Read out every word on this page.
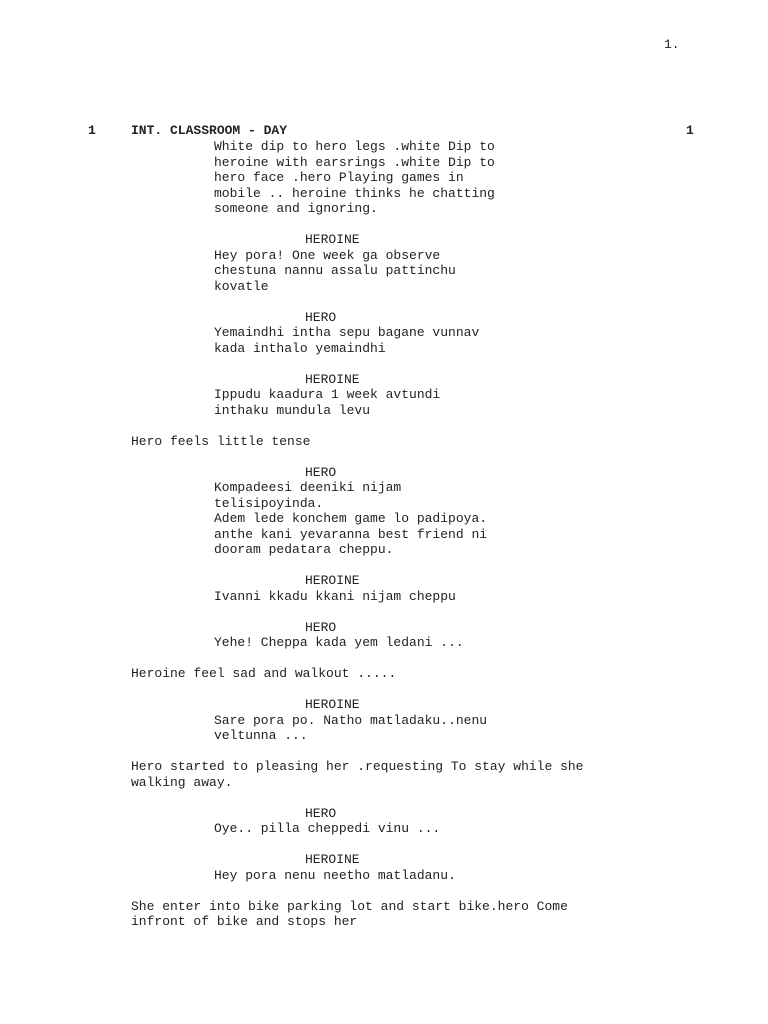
1.
1	INT. CLASSROOM - DAY	1

White dip to hero legs .white Dip to
heroine with earsrings .white Dip to
hero face .hero Playing games in
mobile .. heroine thinks he chatting
someone and ignoring.

HEROINE

Hey pora! One week ga observe
chestuna nannu assalu pattinchu
kovatle

HERO

Yemaindhi intha sepu bagane vunnav
kada inthalo yemaindhi

HEROINE

Ippudu kaadura 1 week avtundi
inthaku mundula levu

Hero feels little tense

HERO

Kompadeesi deeniki nijam
telisipoyinda.
Adem lede konchem game lo padipoya.
anthe kani yevaranna best friend ni
dooram pedatara cheppu.

HEROINE

Ivanni kkadu kkani nijam cheppu

HERO

Yehe! Cheppa kada yem ledani ...

Heroine feel sad and walkout .....

HEROINE

Sare pora po. Natho matladaku..nenu
veltunna ...

Hero started to pleasing her .requesting To stay while she
walking away.

HERO

Oye.. pilla cheppedi vinu ...

HEROINE

Hey pora nenu neetho matladanu.

She enter into bike parking lot and start bike.hero Come
infront of bike and stops her
